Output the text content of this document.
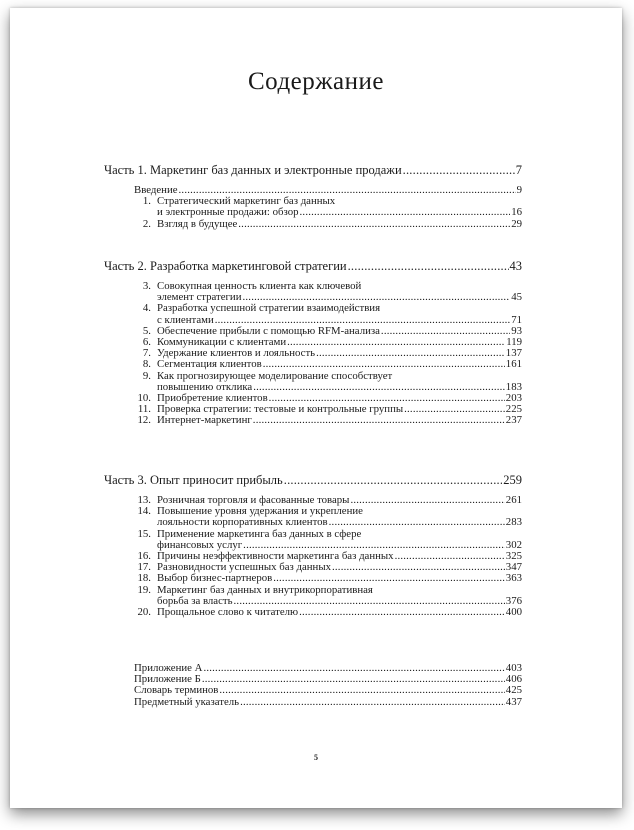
Содержание
Часть 1. Маркетинг баз данных и электронные продажи .....	7
Введение .....	9
1. Стратегический маркетинг баз данных
и электронные продажи: обзор .....	16
2. Взгляд в будущее .....	29
Часть 2. Разработка маркетинговой стратегии .....	43
3. Совокупная ценность клиента как ключевой
элемент стратегии .....	45
4. Разработка успешной стратегии взаимодействия
с клиентами .....	71
5. Обеспечение прибыли с помощью RFM-анализа .....	93
6. Коммуникации с клиентами .....	119
7. Удержание клиентов и лояльность .....	137
8. Сегментация клиентов .....	161
9. Как прогнозирующее моделирование способствует
повышению отклика .....	183
10. Приобретение клиентов .....	203
11. Проверка стратегии: тестовые и контрольные группы .....	225
12. Интернет-маркетинг .....	237
Часть 3. Опыт приносит прибыль .....	259
13. Розничная торговля и фасованные товары .....	261
14. Повышение уровня удержания и укрепление
лояльности корпоративных клиентов .....	283
15. Применение маркетинга баз данных в сфере
финансовых услуг .....	302
16. Причины неэффективности маркетинга баз данных .....	325
17. Разновидности успешных баз данных .....	347
18. Выбор бизнес-партнеров .....	363
19. Маркетинг баз данных и внутрикорпоративная
борьба за власть .....	376
20. Прощальное слово к читателю .....	400
Приложение А .....	403
Приложение Б .....	406
Словарь терминов .....	425
Предметный указатель .....	437
5
